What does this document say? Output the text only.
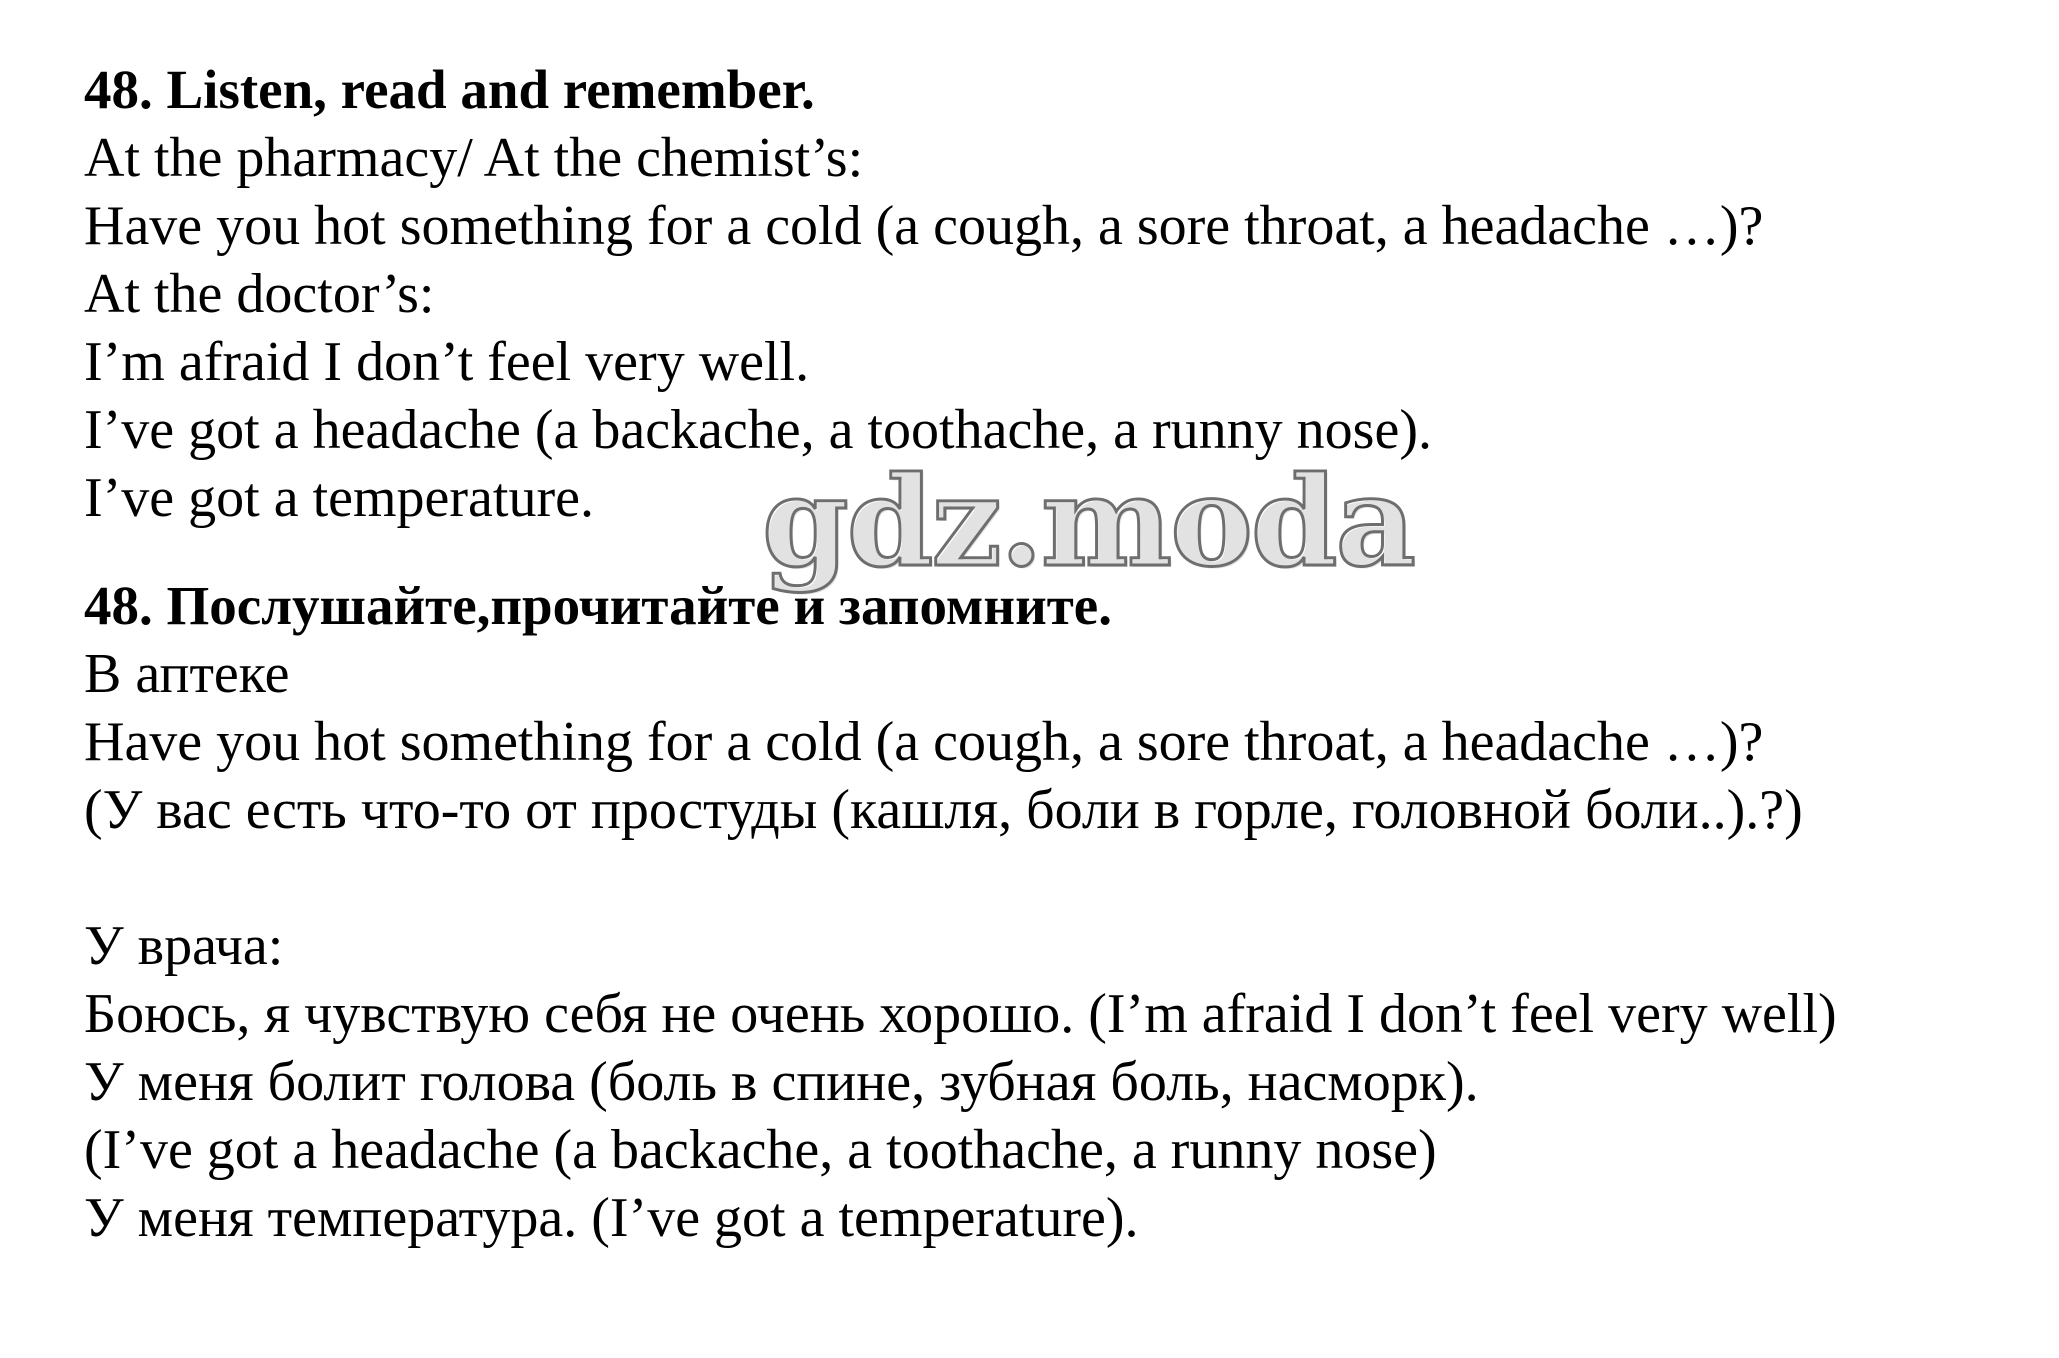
48. Listen, read and remember.
At the pharmacy/ At the chemist’s:
Have you hot something for a cold (a cough, a sore throat, a headache …)?
At the doctor’s:
I’m afraid I don’t feel very well.
I’ve got a headache (a backache, a toothache, a runny nose).
I’ve got a temperature. gdz.moda
48. Послушайте,прочитайте и запомните.
В аптеке
Have you hot something for a cold (a cough, a sore throat, a headache …)?
(У вас есть что-то от простуды (кашля, боли в горле, головной боли..).?)
У врача:
Боюсь, я чувствую себя не очень хорошо. (I’m afraid I don’t feel very well)
У меня болит голова (боль в спине, зубная боль, насморк).
(I’ve got a headache (a backache, a toothache, a runny nose)
У меня температура. (I’ve got a temperature).
